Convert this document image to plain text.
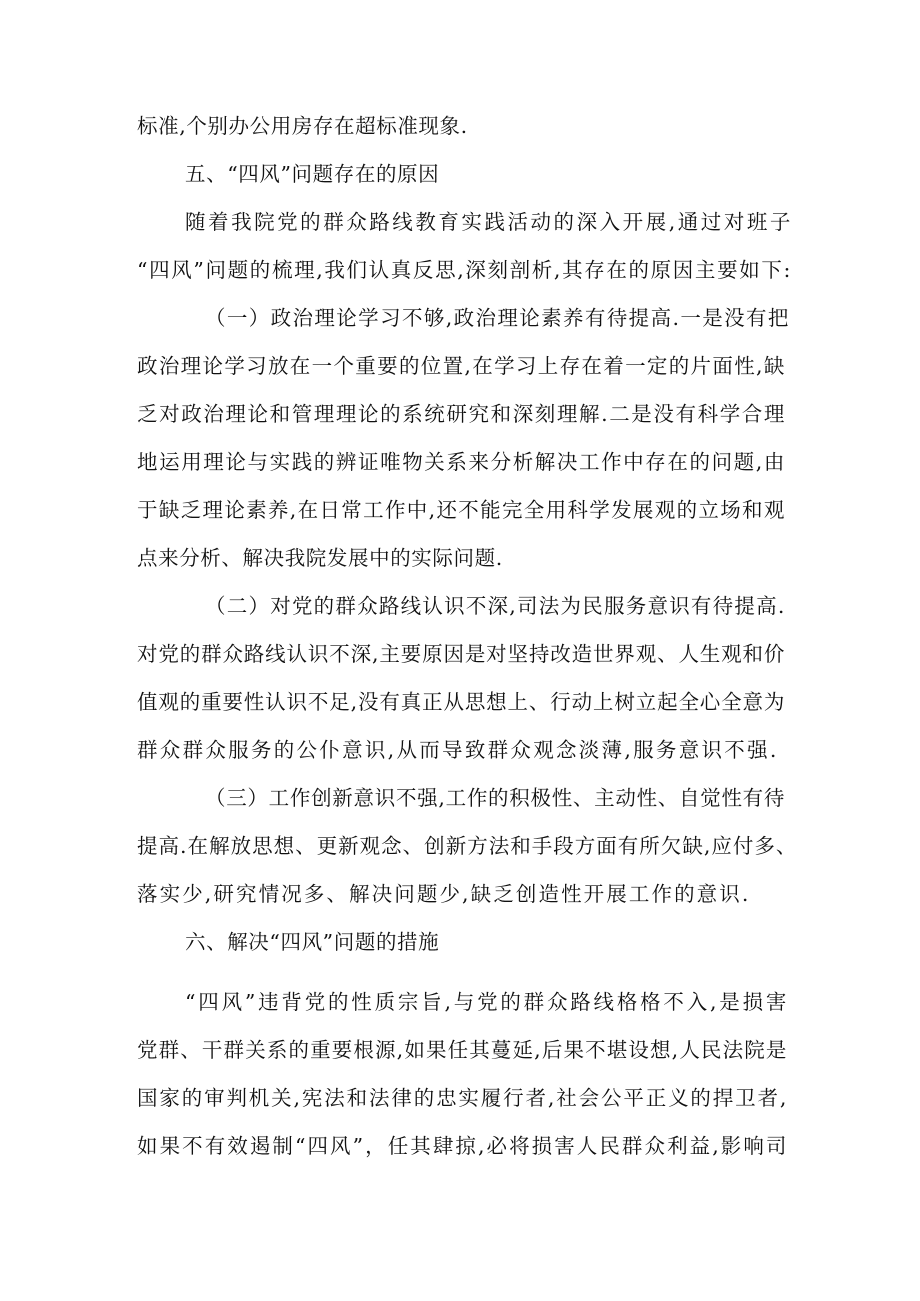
标准,个别办公用房存在超标准现象.
五、“四风”问题存在的原因
随着我院党的群众路线教育实践活动的深入开展,通过对班子
“四风”问题的梳理,我们认真反思,深刻剖析,其存在的原因主要如下:
（一）政治理论学习不够,政治理论素养有待提高.一是没有把
政治理论学习放在一个重要的位置,在学习上存在着一定的片面性,缺
乏对政治理论和管理理论的系统研究和深刻理解.二是没有科学合理
地运用理论与实践的辨证唯物关系来分析解决工作中存在的问题,由
于缺乏理论素养,在日常工作中,还不能完全用科学发展观的立场和观
点来分析、解决我院发展中的实际问题.
（二）对党的群众路线认识不深,司法为民服务意识有待提高.
对党的群众路线认识不深,主要原因是对坚持改造世界观、人生观和价
值观的重要性认识不足,没有真正从思想上、行动上树立起全心全意为
群众群众服务的公仆意识,从而导致群众观念淡薄,服务意识不强.
（三）工作创新意识不强,工作的积极性、主动性、自觉性有待
提高.在解放思想、更新观念、创新方法和手段方面有所欠缺,应付多、
落实少,研究情况多、解决问题少,缺乏创造性开展工作的意识.
六、解决“四风”问题的措施
“四风”违背党的性质宗旨,与党的群众路线格格不入,是损害
党群、干群关系的重要根源,如果任其蔓延,后果不堪设想,人民法院是
国家的审判机关,宪法和法律的忠实履行者,社会公平正义的捍卫者,
如果不有效遏制“四风”，任其肆掠,必将损害人民群众利益,影响司
